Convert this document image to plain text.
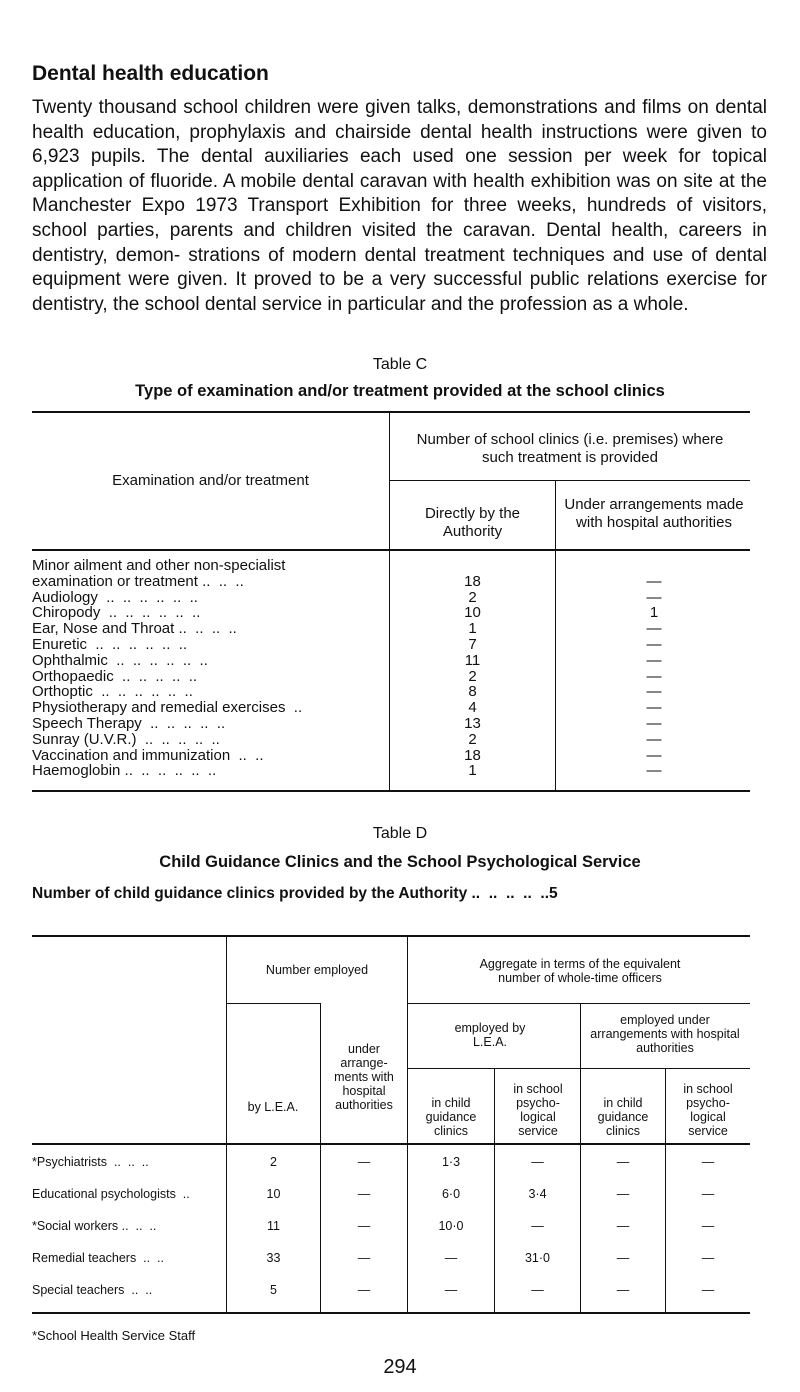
Dental health education

Twenty thousand school children were given talks, demonstrations and films on dental health education, prophylaxis and chairside dental health instructions were given to 6,923 pupils. The dental auxiliaries each used one session per week for topical application of fluoride. A mobile dental caravan with health exhibition was on site at the Manchester Expo 1973 Transport Exhibition for three weeks, hundreds of visitors, school parties, parents and children visited the caravan. Dental health, careers in dentistry, demon- strations of modern dental treatment techniques and use of dental equipment were given. It proved to be a very successful public relations exercise for dentistry, the school dental service in particular and the profession as a whole.

Table C
Type of examination and/or treatment provided at the school clinics
Examination and/or treatment
Number of school clinics (i.e. premises) where such treatment is provided
Directly by the Authority
Under arrangements made with hospital authorities
Minor ailment and other non-specialist
examination or treatment ..  ..  ..	18	—
Audiology  ..  ..  ..  ..  ..  ..	2	—
Chiropody  ..  ..  ..  ..  ..  ..	10	1
Ear, Nose and Throat ..  ..  ..  ..	1	—
Enuretic  ..  ..  ..  ..  ..  ..	7	—
Ophthalmic  ..  ..  ..  ..  ..  ..	11	—
Orthopaedic  ..  ..  ..  ..  ..	2	—
Orthoptic  ..  ..  ..  ..  ..  ..	8	—
Physiotherapy and remedial exercises  ..	4	—
Speech Therapy  ..  ..  ..  ..  ..	13	—
Sunray (U.V.R.)  ..  ..  ..  ..  ..	2	—
Vaccination and immunization  ..  ..	18	—
Haemoglobin ..  ..  ..  ..  ..  ..	1	—
Table D
Child Guidance Clinics and the School Psychological Service
Number of child guidance clinics provided by the Authority ..  ..  ..  ..  ..5
Number employed	Aggregate in terms of the equivalent number of whole-time officers
by L.E.A.
under arrange- ments with hospital authorities
employed by L.E.A.
employed under arrangements with hospital authorities
in child guidance clinics
in school psycho- logical service
in child guidance clinics
in school psycho- logical service
*Psychiatrists  ..  ..  ..	2	—	1·3	—	—	—
Educational psychologists  ..	10	—	6·0	3·4	—	—
*Social workers ..  ..  ..	11	—	10·0	—	—	—
Remedial teachers  ..  ..	33	—	—	31·0	—	—
Special teachers  ..  ..	5	—	—	—	—	—
*School Health Service Staff
294
